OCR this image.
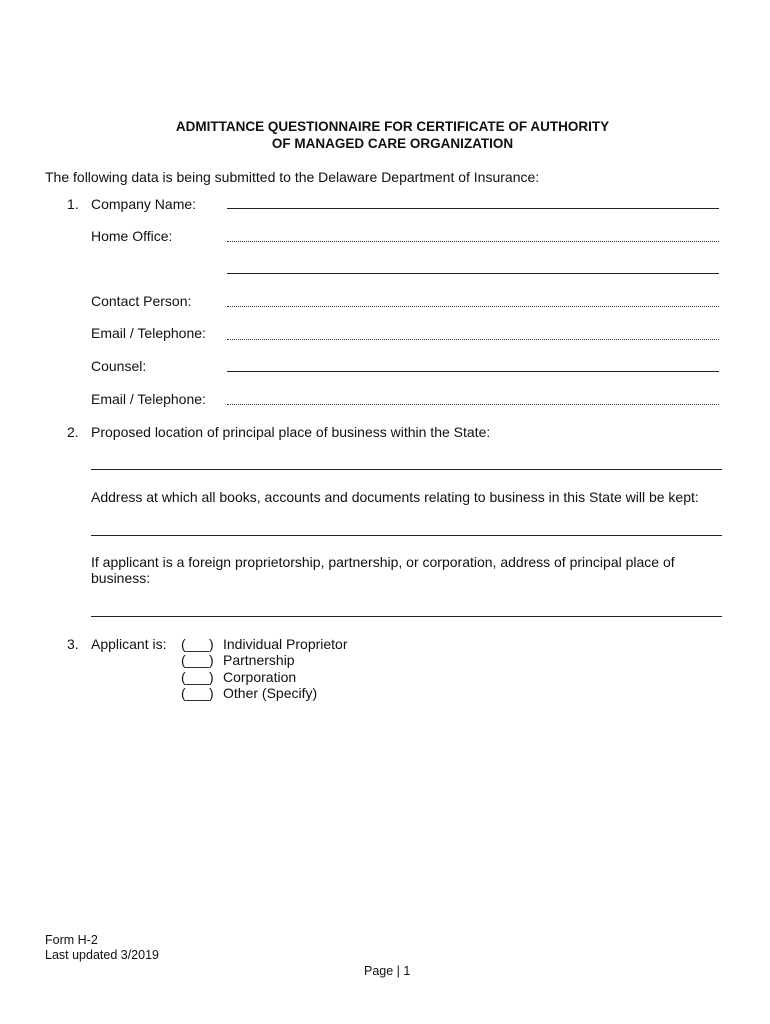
ADMITTANCE QUESTIONNAIRE FOR CERTIFICATE OF AUTHORITY
OF MANAGED CARE ORGANIZATION
The following data is being submitted to the Delaware Department of Insurance:
1. Company Name:
Home Office:
Contact Person:
Email / Telephone:
Counsel:
Email / Telephone:
2. Proposed location of principal place of business within the State:
Address at which all books, accounts and documents relating to business in this State will be kept:
If applicant is a foreign proprietorship, partnership, or corporation, address of principal place of
business:
3. Applicant is: (___) Individual Proprietor
(___) Partnership
(___) Corporation
(___) Other (Specify)
Form H-2
Last updated 3/2019
Page | 1
